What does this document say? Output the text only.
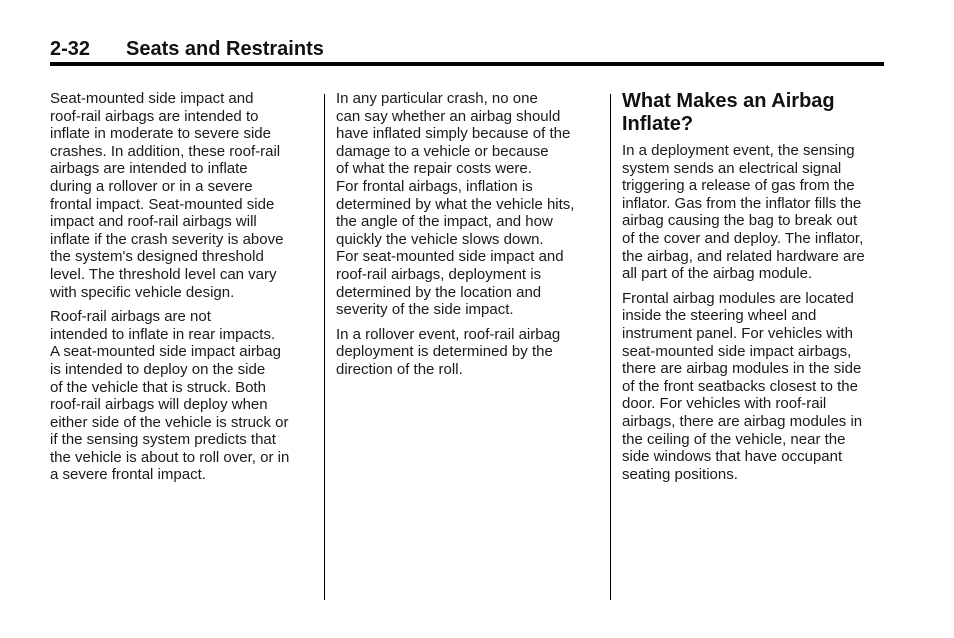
2-32 Seats and Restraints

Seat-mounted side impact and
roof-rail airbags are intended to
inflate in moderate to severe side
crashes. In addition, these roof-rail
airbags are intended to inflate
during a rollover or in a severe
frontal impact. Seat-mounted side
impact and roof-rail airbags will
inflate if the crash severity is above
the system's designed threshold
level. The threshold level can vary
with specific vehicle design.

Roof-rail airbags are not
intended to inflate in rear impacts.
A seat-mounted side impact airbag
is intended to deploy on the side
of the vehicle that is struck. Both
roof-rail airbags will deploy when
either side of the vehicle is struck or
if the sensing system predicts that
the vehicle is about to roll over, or in
a severe frontal impact.

In any particular crash, no one
can say whether an airbag should
have inflated simply because of the
damage to a vehicle or because
of what the repair costs were.
For frontal airbags, inflation is
determined by what the vehicle hits,
the angle of the impact, and how
quickly the vehicle slows down.
For seat-mounted side impact and
roof-rail airbags, deployment is
determined by the location and
severity of the side impact.

In a rollover event, roof-rail airbag
deployment is determined by the
direction of the roll.

What Makes an Airbag
Inflate?

In a deployment event, the sensing
system sends an electrical signal
triggering a release of gas from the
inflator. Gas from the inflator fills the
airbag causing the bag to break out
of the cover and deploy. The inflator,
the airbag, and related hardware are
all part of the airbag module.

Frontal airbag modules are located
inside the steering wheel and
instrument panel. For vehicles with
seat-mounted side impact airbags,
there are airbag modules in the side
of the front seatbacks closest to the
door. For vehicles with roof-rail
airbags, there are airbag modules in
the ceiling of the vehicle, near the
side windows that have occupant
seating positions.
